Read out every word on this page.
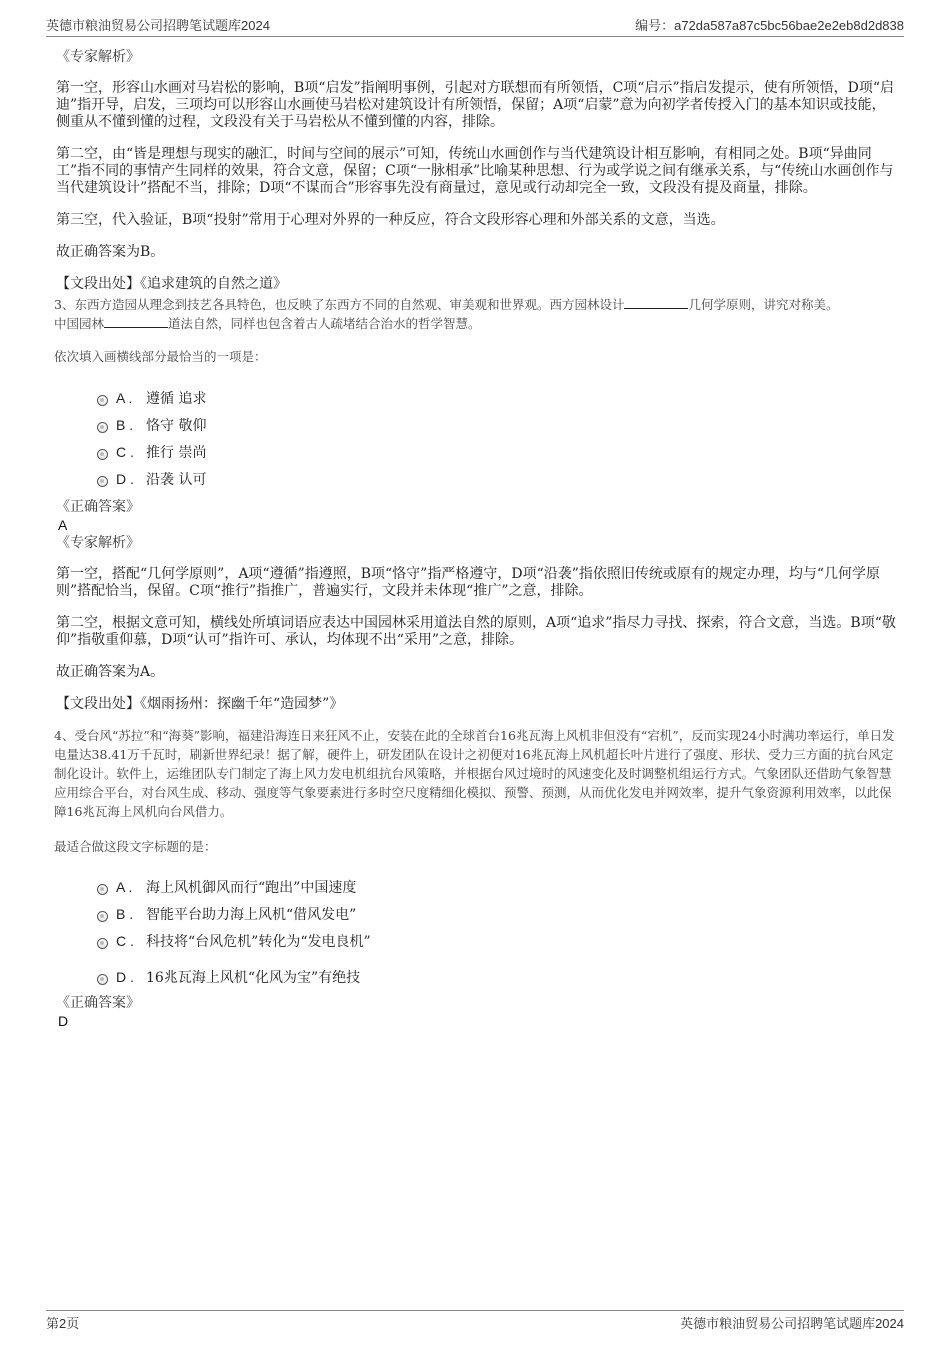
英德市粮油贸易公司招聘笔试题库2024	编号：a72da587a87c5bc56bae2e2eb8d2d838

《专家解析》

第一空，形容山水画对马岩松的影响，B项“启发”指阐明事例，引起对方联想而有所领悟，C项“启示”指启发提示，使有所领悟，D项“启迪”指开导，启发，三项均可以形容山水画使马岩松对建筑设计有所领悟，保留；A项“启蒙”意为向初学者传授入门的基本知识或技能，侧重从不懂到懂的过程，文段没有关于马岩松从不懂到懂的内容，排除。

第二空，由“皆是理想与现实的融汇，时间与空间的展示”可知，传统山水画创作与当代建筑设计相互影响，有相同之处。B项“异曲同工”指不同的事情产生同样的效果，符合文意，保留；C项“一脉相承”比喻某种思想、行为或学说之间有继承关系，与“传统山水画创作与当代建筑设计”搭配不当，排除；D项“不谋而合”形容事先没有商量过，意见或行动却完全一致，文段没有提及商量，排除。

第三空，代入验证，B项“投射”常用于心理对外界的一种反应，符合文段形容心理和外部关系的文意，当选。

故正确答案为B。

【文段出处】《追求建筑的自然之道》

3、东西方造园从理念到技艺各具特色，也反映了东西方不同的自然观、审美观和世界观。西方园林设计	几何学原则，讲究对称美。
中国园林	道法自然，同样也包含着古人疏堵结合治水的哲学智慧。

依次填入画横线部分最恰当的一项是：

A . 遵循 追求
B . 恪守 敬仰
C . 推行 崇尚
D . 沿袭 认可

《正确答案》

A

《专家解析》

第一空，搭配“几何学原则”，A项“遵循”指遵照，B项“恪守”指严格遵守，D项“沿袭”指依照旧传统或原有的规定办理，均与“几何学原则”搭配恰当，保留。C项“推行”指推广，普遍实行，文段并未体现“推广”之意，排除。

第二空，根据文意可知，横线处所填词语应表达中国园林采用道法自然的原则，A项“追求”指尽力寻找、探索，符合文意，当选。B项“敬仰”指敬重仰慕，D项“认可”指许可、承认，均体现不出“采用”之意，排除。

故正确答案为A。

【文段出处】《烟雨扬州：探幽千年“造园梦”》

4、受台风“苏拉”和“海葵”影响，福建沿海连日来狂风不止，安装在此的全球首台16兆瓦海上风机非但没有“宕机”，反而实现24小时满功率运行，单日发电量达38.41万千瓦时，刷新世界纪录！据了解，硬件上，研发团队在设计之初便对16兆瓦海上风机超长叶片进行了强度、形状、受力三方面的抗台风定制化设计。软件上，运维团队专门制定了海上风力发电机组抗台风策略，并根据台风过境时的风速变化及时调整机组运行方式。气象团队还借助气象智慧应用综合平台，对台风生成、移动、强度等气象要素进行多时空尺度精细化模拟、预警、预测，从而优化发电并网效率，提升气象资源利用效率，以此保障16兆瓦海上风机向台风借力。

最适合做这段文字标题的是：

A . 海上风机御风而行“跑出”中国速度
B . 智能平台助力海上风机“借风发电”
C . 科技将“台风危机”转化为“发电良机”
D . 16兆瓦海上风机“化风为宝”有绝技

《正确答案》

D

第2页	英德市粮油贸易公司招聘笔试题库2024
